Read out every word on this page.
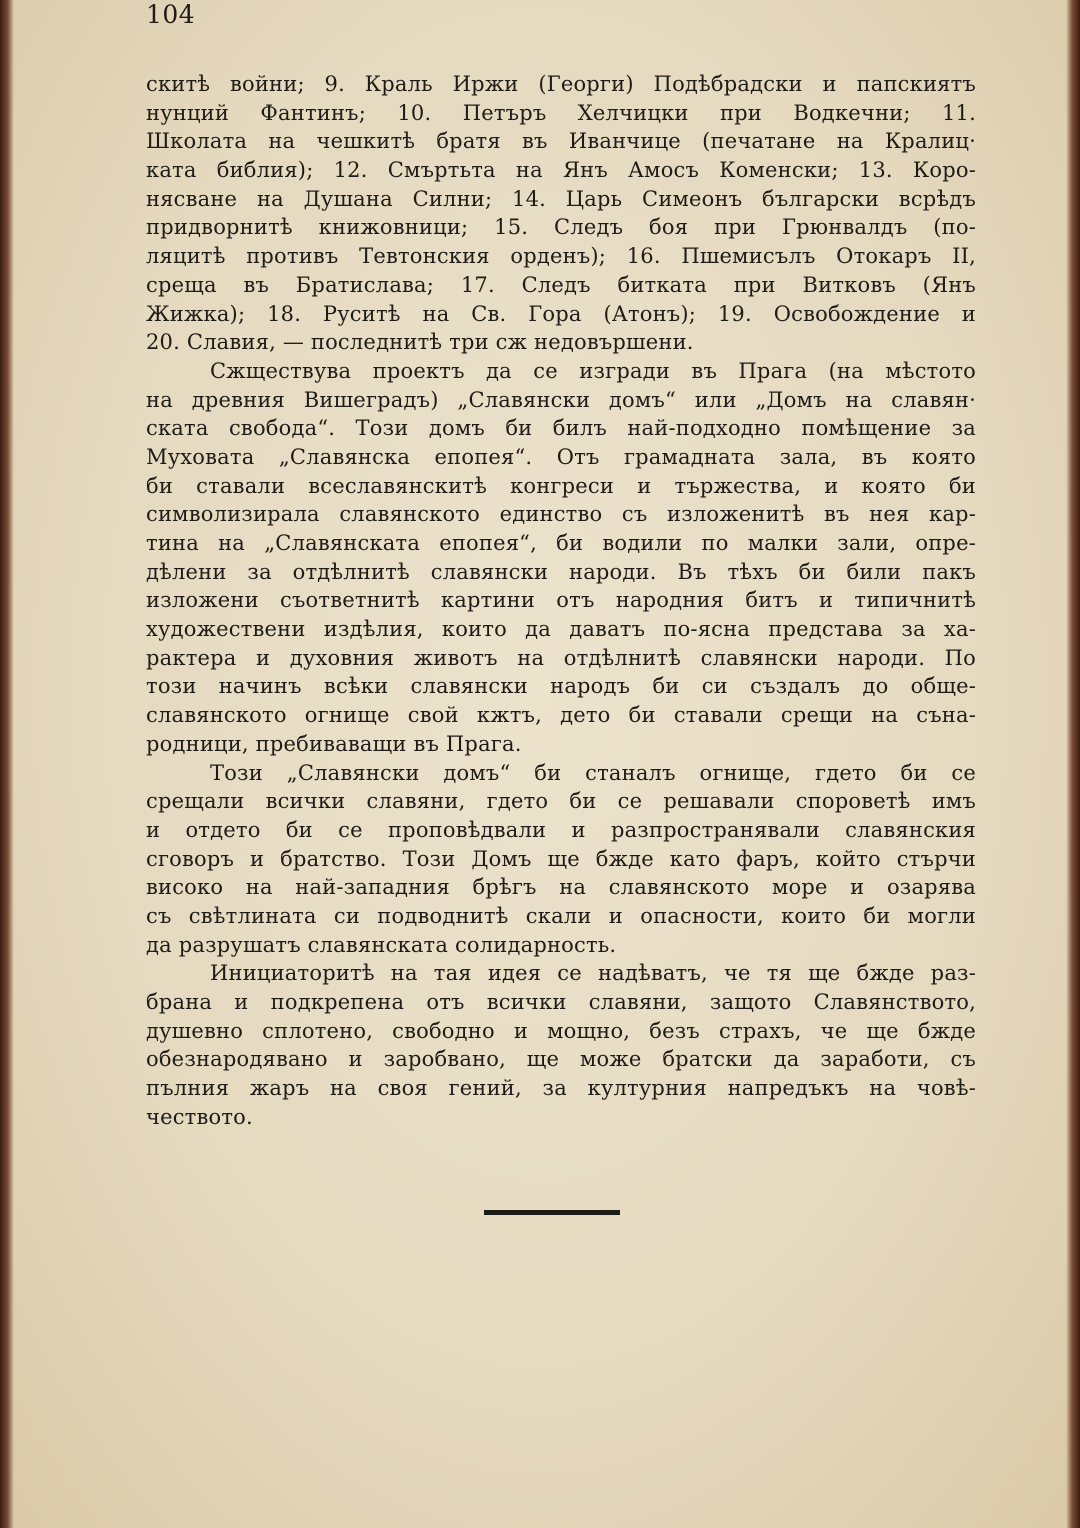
104
скитѣ войни; 9. Краль Иржи (Георги) Подѣбрадски и папскиятъ
нунций Фантинъ; 10. Петъръ Хелчицки при Водкечни; 11.
Школата на чешкитѣ братя въ Иванчице (печатане на Кралиц·
ката библия); 12. Смъртьта на Янъ Амосъ Коменски; 13. Коро-
нясване на Душана Силни; 14. Царь Симеонъ български всрѣдъ
придворнитѣ книжовници; 15. Следъ боя при Грюнвалдъ (по-
ляцитѣ противъ Тевтонския орденъ); 16. Пшемисълъ Отокаръ II,
среща въ Братислава; 17. Следъ битката при Витковъ (Янъ
Жижка); 18. Руситѣ на Св. Гора (Атонъ); 19. Освобождение и
20. Славия, — последнитѣ три сж недовършени.
Сжществува проектъ да се изгради въ Прага (на мѣстото
на древния Вишеградъ) „Славянски домъ“ или „Домъ на славян·
ската свобода“. Този домъ би билъ най-подходно помѣщение за
Муховата „Славянска епопея“. Отъ грамадната зала, въ която
би ставали всеславянскитѣ конгреси и тържества, и която би
символизирала славянското единство съ изложенитѣ въ нея кар-
тина на „Славянската епопея“, би водили по малки зали, опре-
дѣлени за отдѣлнитѣ славянски народи. Въ тѣхъ би били пакъ
изложени съответнитѣ картини отъ народния битъ и типичнитѣ
художествени издѣлия, които да даватъ по-ясна представа за ха-
рактера и духовния животъ на отдѣлнитѣ славянски народи. По
този начинъ всѣки славянски народъ би си създалъ до обще-
славянското огнище свой кжтъ, дето би ставали срещи на съна-
родници, пребиваващи въ Прага.
Този „Славянски домъ“ би станалъ огнище, гдето би се
срещали всички славяни, гдето би се решавали спороветѣ имъ
и отдето би се проповѣдвали и разпространявали славянския
сговоръ и братство. Този Домъ ще бжде като фаръ, който стърчи
високо на най-западния брѣгъ на славянското море и озарява
съ свѣтлината си подводнитѣ скали и опасности, които би могли
да разрушатъ славянската солидарность.
Инициаторитѣ на тая идея се надѣватъ, че тя ще бжде раз-
брана и подкрепена отъ всички славяни, защото Славянството,
душевно сплотено, свободно и мощно, безъ страхъ, че ще бжде
обезнародявано и заробвано, ще може братски да заработи, съ
пълния жаръ на своя гений, за културния напредъкъ на човѣ-
чеството.
